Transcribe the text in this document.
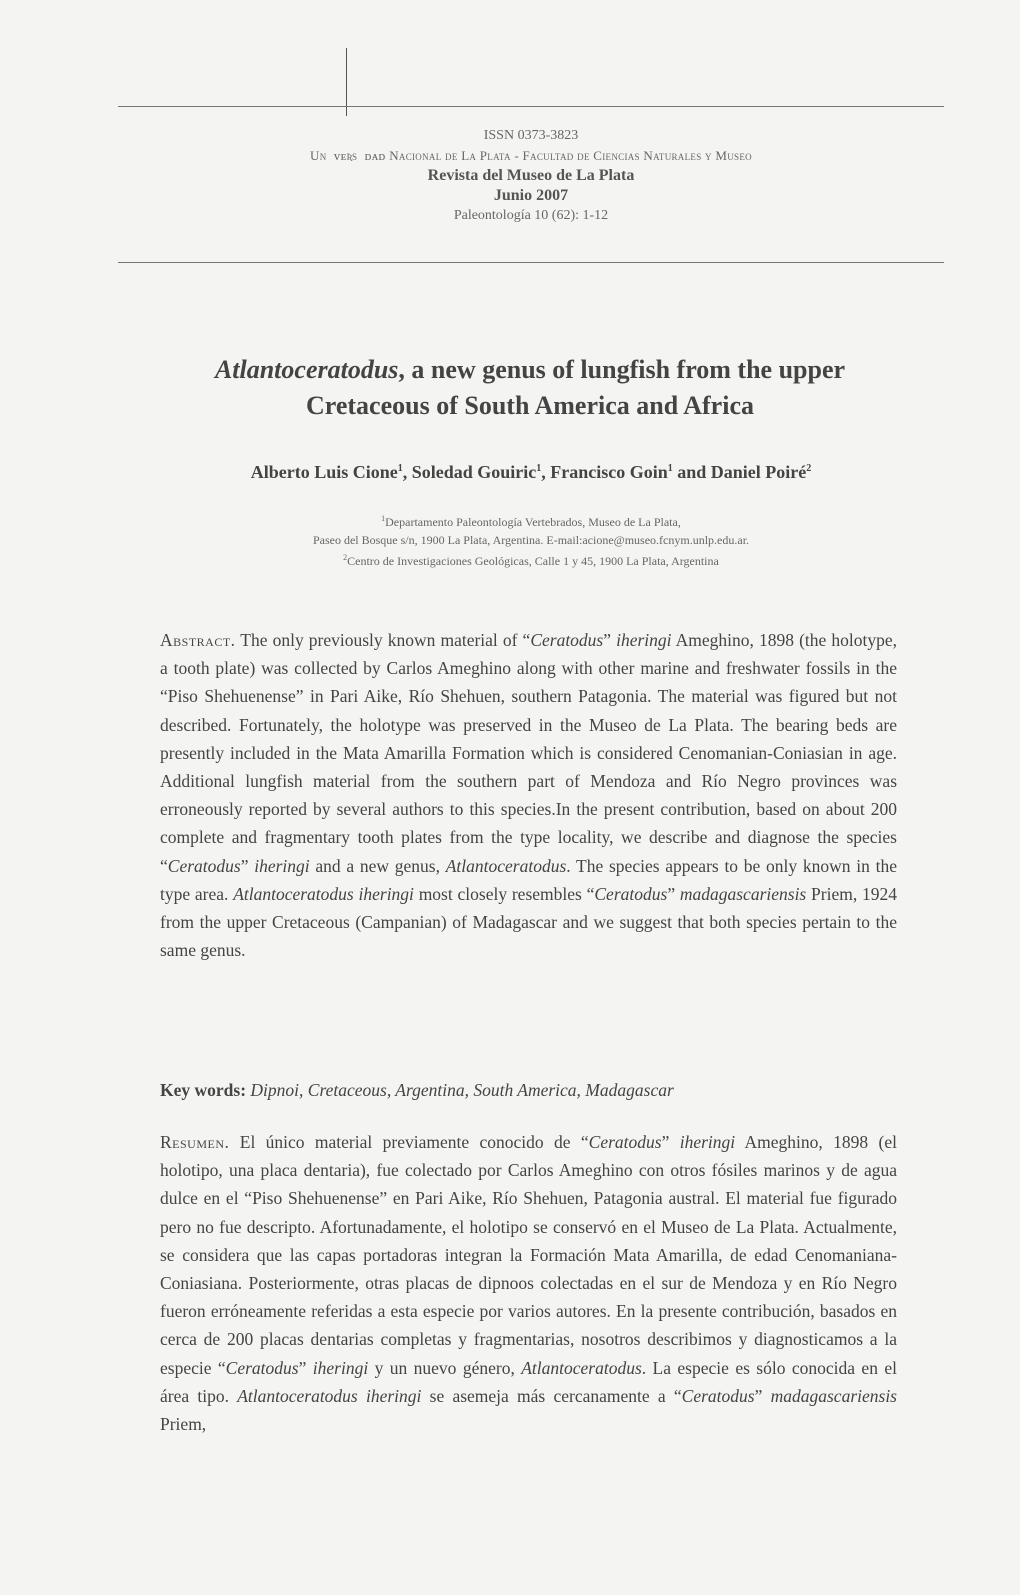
ISSN 0373-3823
Unɪᴠᴇʀsɪᴅᴀᴅ Nacional de La Plata - Facultad de Ciencias Naturales y Museo
Revista del Museo de La Plata
Junio 2007
Paleontología 10 (62): 1-12
Atlantoceratodus, a new genus of lungfish from the upper
Cretaceous of South America and Africa
Alberto Luis Cione$^1$, Soledad Gouiric$^1$, Francisco Goin$^1$ and Daniel Poiré$^2$
$^1$Departamento Paleontología Vertebrados, Museo de La Plata,
Paseo del Bosque s/n, 1900 La Plata, Argentina. E-mail:acione@museo.fcnym.unlp.edu.ar.
$^2$Centro de Investigaciones Geológicas, Calle 1 y 45, 1900 La Plata, Argentina
Abstract. The only previously known material of “Ceratodus” iheringi Ameghino, 1898 (the holotype, a tooth plate) was collected by Carlos Ameghino along with other marine and freshwater fossils in the “Piso Shehuenense” in Pari Aike, Río Shehuen, southern Patagonia. The material was figured but not described. Fortunately, the holotype was preserved in the Museo de La Plata. The bearing beds are presently included in the Mata Amarilla Formation which is considered Cenomanian-Coniasian in age. Additional lungfish material from the southern part of Mendoza and Río Negro provinces was erroneously reported by several authors to this species.In the present contribution, based on about 200 complete and fragmentary tooth plates from the type locality, we describe and diagnose the species “Ceratodus” iheringi and a new genus, Atlantoceratodus. The species appears to be only known in the type area. Atlantoceratodus iheringi most closely resembles “Ceratodus” madagascariensis Priem, 1924 from the upper Cretaceous (Campanian) of Madagascar and we suggest that both species pertain to the same genus.
Key words: Dipnoi, Cretaceous, Argentina, South America, Madagascar
Resumen. El único material previamente conocido de “Ceratodus” iheringi Ameghino, 1898 (el holotipo, una placa dentaria), fue colectado por Carlos Ameghino con otros fósiles marinos y de agua dulce en el “Piso Shehuenense” en Pari Aike, Río Shehuen, Patagonia austral. El material fue figurado pero no fue descripto. Afortunadamente, el holotipo se conservó en el Museo de La Plata. Actualmente, se considera que las capas portadoras integran la Formación Mata Amarilla, de edad Cenomaniana-Coniasiana. Posteriormente, otras placas de dipnoos colectadas en el sur de Mendoza y en Río Negro fueron erróneamente referidas a esta especie por varios autores. En la presente contribución, basados en cerca de 200 placas dentarias completas y fragmentarias, nosotros describimos y diagnosticamos a la especie “Ceratodus” iheringi y un nuevo género, Atlantoceratodus. La especie es sólo conocida en el área tipo. Atlantoceratodus iheringi se asemeja más cercanamente a “Ceratodus” madagascariensis Priem,
